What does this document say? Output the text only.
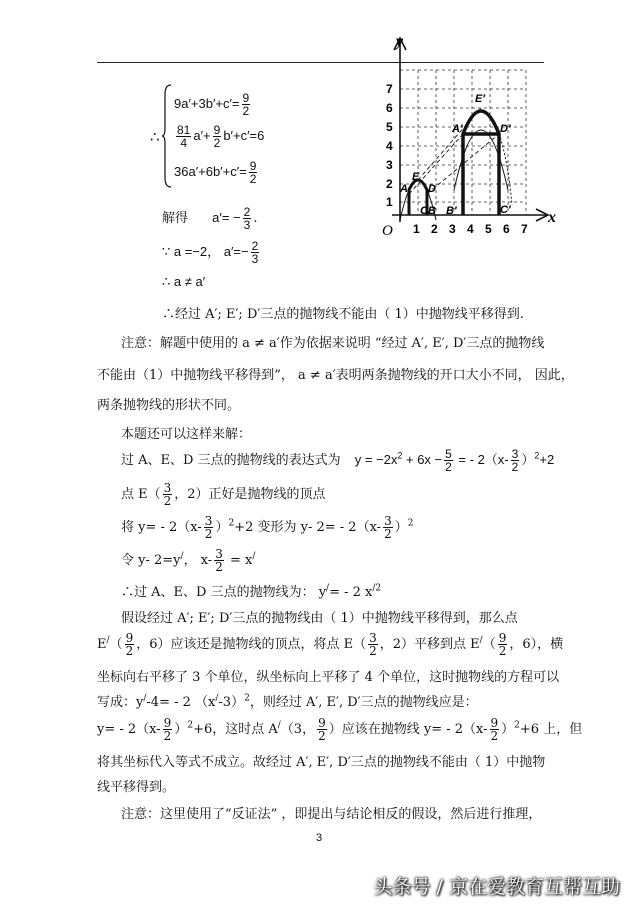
∴
$9a'+3b'+c'= \frac{9}{2}$
$\frac{81}{4} a'+ \frac{9}{2} b'+c'=6$
$36a'+6b'+c'= \frac{9}{2}$
解得 $a'= - \frac{2}{3}$ .
∵ a =−2， $a'=- \frac{2}{3}$
∴ a ≠ a′
y
x
O
1
2
3
4
5
6
7
1 2 3 4 5 6 7
A
E
B
A′
E′
D′
B′	C′
C
D
∴经过 A′; E′; D′三点的抛物线不能由（ 1）中抛物线平移得到.
注意：解题中使用的 a ≠ a′作为依据来说明 “经过 A′, E′, D′三点的抛物线
不能由（1）中抛物线平移得到”， a ≠ a′表明两条抛物线的开口大小不同， 因此，
两条抛物线的形状不同。
本题还可以这样来解：
过 A、E、D 三点的抛物线的表达式为 $y = -2x^2 + 6x - \frac{5}{2}$ = - $2(x- \frac{3}{2} )^2+2$
点 $E( \frac{3}{2}$ ，2）正好是抛物线的顶点
将 $y= - 2(x- \frac{3}{2} )^2+2$ 变形为 y- $2= - 2(x- \frac{3}{2} )^2$
令 y- 2=y/， $x- \frac{3}{2} = x^/$
∴过 A、E、D 三点的抛物线为： y/= - 2 $x^{/2}$
假设经过 A′; E′; D′三点的抛物线由（ 1）中抛物线平移得到，那么点
$E^/( \frac{9}{2}$ ，6）应该还是抛物线的顶点，将点 $E( \frac{3}{2}$ ，2）平移到点 $E^/( \frac{9}{2}$ ，6），横
坐标向右平移了 3 个单位，纵坐标向上平移了 4 个单位，这时抛物线的方程可以
写成：y/-4= - 2 $(x^/-3)^2$，则经过 A′, E′, D′三点的抛物线应是：
$y= - 2(x- \frac{9}{2} )^2+6$，这时点 A/（3， $\frac{9}{2}$ ）应该在抛物线 $y= - 2(x- \frac{9}{2} )^2+6$ 上，但
将其坐标代入等式不成立。故经过 A′, E′, D′三点的抛物线不能由（ 1）中抛物
线平移得到。
注意：这里使用了“反证法” ，即提出与结论相反的假设，然后进行推理，
3
头条号 / 京在爱教育互帮互助
